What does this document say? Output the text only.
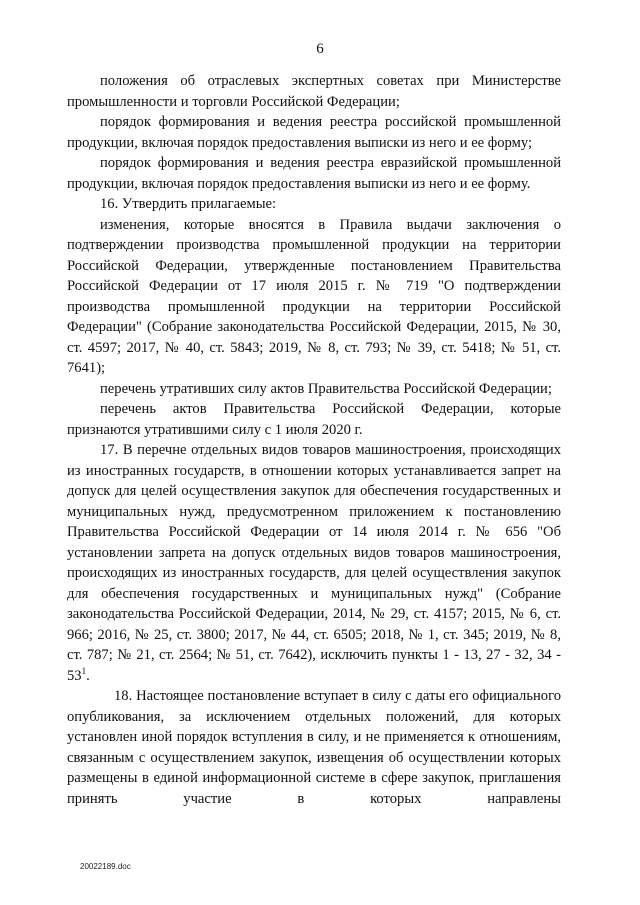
6

положения об отраслевых экспертных советах при Министерстве промышленности и торговли Российской Федерации;

порядок формирования и ведения реестра российской промышленной продукции, включая порядок предоставления выписки из него и ее форму;

порядок формирования и ведения реестра евразийской промышленной продукции, включая порядок предоставления выписки из него и ее форму.

16. Утвердить прилагаемые:

изменения, которые вносятся в Правила выдачи заключения о подтверждении производства промышленной продукции на территории Российской Федерации, утвержденные постановлением Правительства Российской Федерации от 17 июля 2015 г. № 719 "О подтверждении производства промышленной продукции на территории Российской Федерации" (Собрание законодательства Российской Федерации, 2015, № 30, ст. 4597; 2017, № 40, ст. 5843; 2019, № 8, ст. 793; № 39, ст. 5418; № 51, ст. 7641);

перечень утративших силу актов Правительства Российской Федерации;

перечень актов Правительства Российской Федерации, которые признаются утратившими силу с 1 июля 2020 г.

17. В перечне отдельных видов товаров машиностроения, происходящих из иностранных государств, в отношении которых устанавливается запрет на допуск для целей осуществления закупок для обеспечения государственных и муниципальных нужд, предусмотренном приложением к постановлению Правительства Российской Федерации от 14 июля 2014 г. № 656 "Об установлении запрета на допуск отдельных видов товаров машиностроения, происходящих из иностранных государств, для целей осуществления закупок для обеспечения государственных и муниципальных нужд" (Собрание законодательства Российской Федерации, 2014, № 29, ст. 4157; 2015, № 6, ст. 966; 2016, № 25, ст. 3800; 2017, № 44, ст. 6505; 2018, № 1, ст. 345; 2019, № 8, ст. 787; № 21, ст. 2564; № 51, ст. 7642), исключить пункты 1 - 13, 27 - 32, $34 - 53^1$.

18. Настоящее постановление вступает в силу с даты его официального опубликования, за исключением отдельных положений, для которых установлен иной порядок вступления в силу, и не применяется к отношениям, связанным с осуществлением закупок, извещения об осуществлении которых размещены в единой информационной системе в сфере закупок, приглашения принять участие в которых направлены

20022189.doc
